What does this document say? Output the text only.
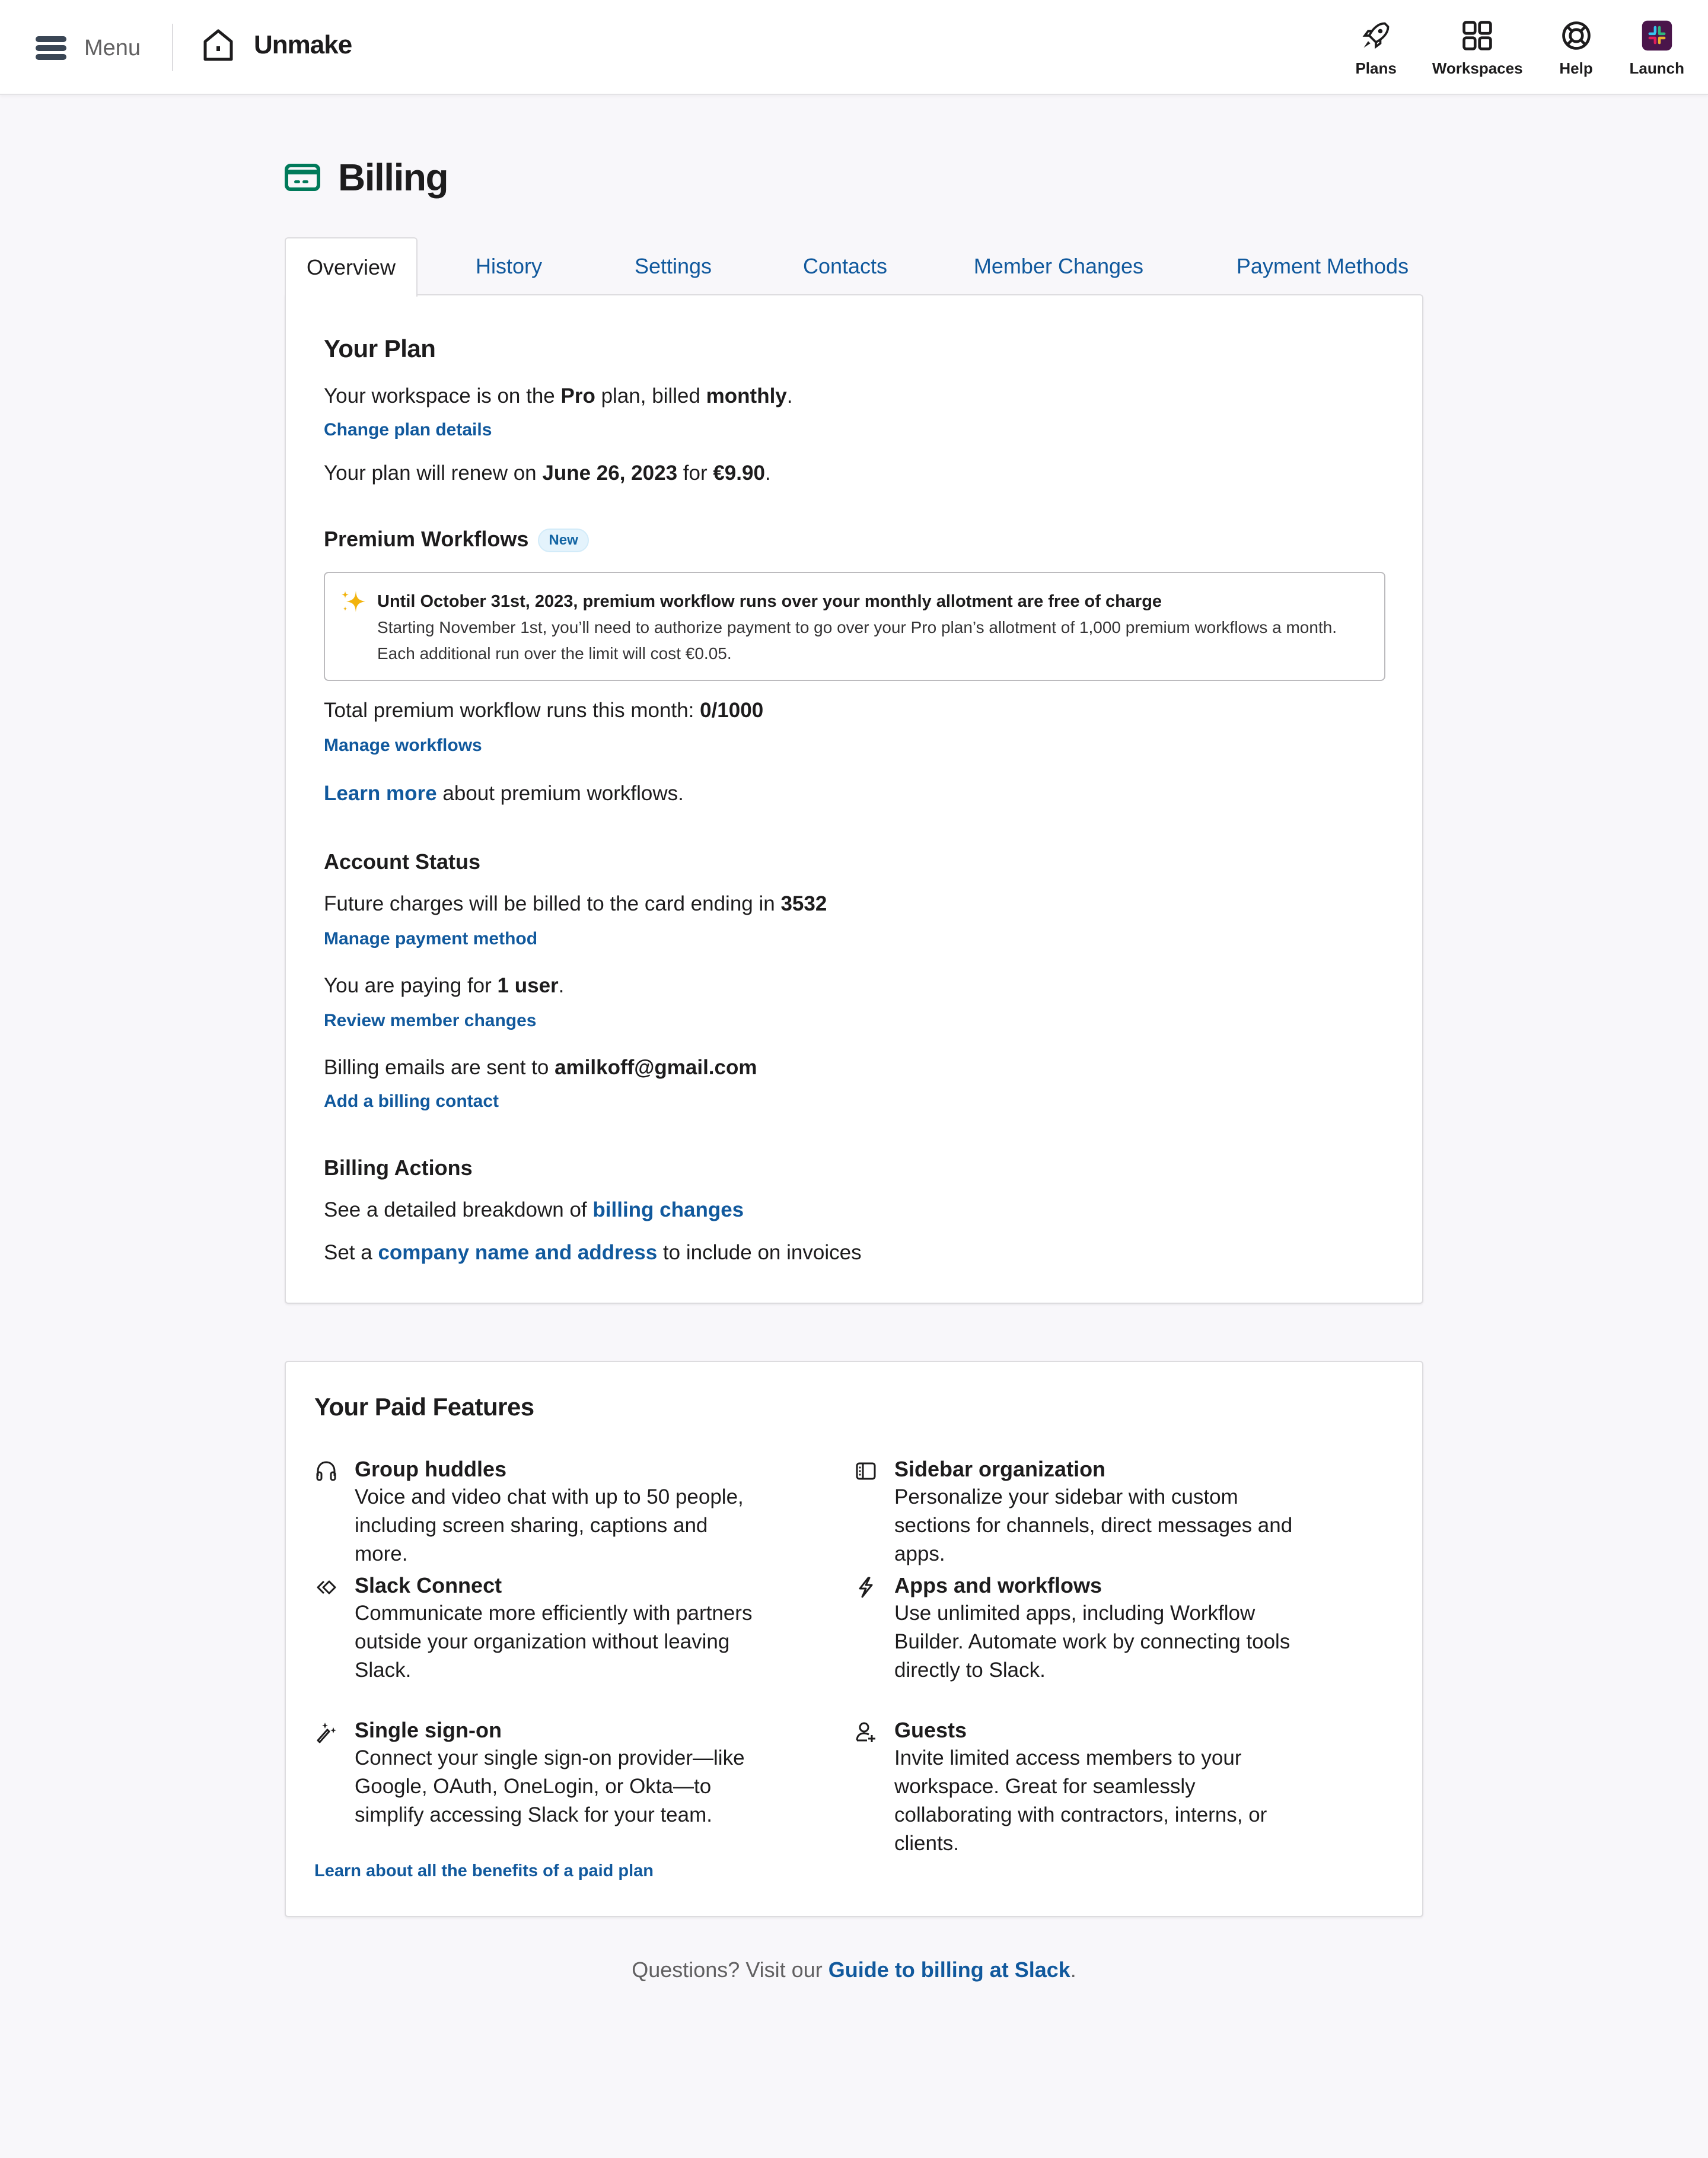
Menu	Unmake
Plans Workspaces Help Launch
Billing
Overview	History	Settings	Contacts	Member Changes	Payment Methods
Your Plan
Your workspace is on the Pro plan, billed monthly.
Change plan details
Your plan will renew on June 26, 2023 for €9.90.
Premium Workflows New
Until October 31st, 2023, premium workflow runs over your monthly allotment are free of charge
Starting November 1st, you’ll need to authorize payment to go over your Pro plan’s allotment of 1,000 premium workflows a month. Each additional run over the limit will cost €0.05.
Total premium workflow runs this month: 0/1000
Manage workflows
Learn more about premium workflows.
Account Status
Future charges will be billed to the card ending in 3532
Manage payment method
You are paying for 1 user.
Review member changes
Billing emails are sent to amilkoff@gmail.com
Add a billing contact
Billing Actions
See a detailed breakdown of billing changes
Set a company name and address to include on invoices
Your Paid Features
Group huddles
Voice and video chat with up to 50 people, including screen sharing, captions and more.
Sidebar organization
Personalize your sidebar with custom sections for channels, direct messages and apps.
Slack Connect
Communicate more efficiently with partners outside your organization without leaving Slack.
Apps and workflows
Use unlimited apps, including Workflow Builder. Automate work by connecting tools directly to Slack.
Single sign-on
Connect your single sign-on provider—like Google, OAuth, OneLogin, or Okta—to simplify accessing Slack for your team.
Guests
Invite limited access members to your workspace. Great for seamlessly collaborating with contractors, interns, or clients.
Learn about all the benefits of a paid plan
Questions? Visit our Guide to billing at Slack.
